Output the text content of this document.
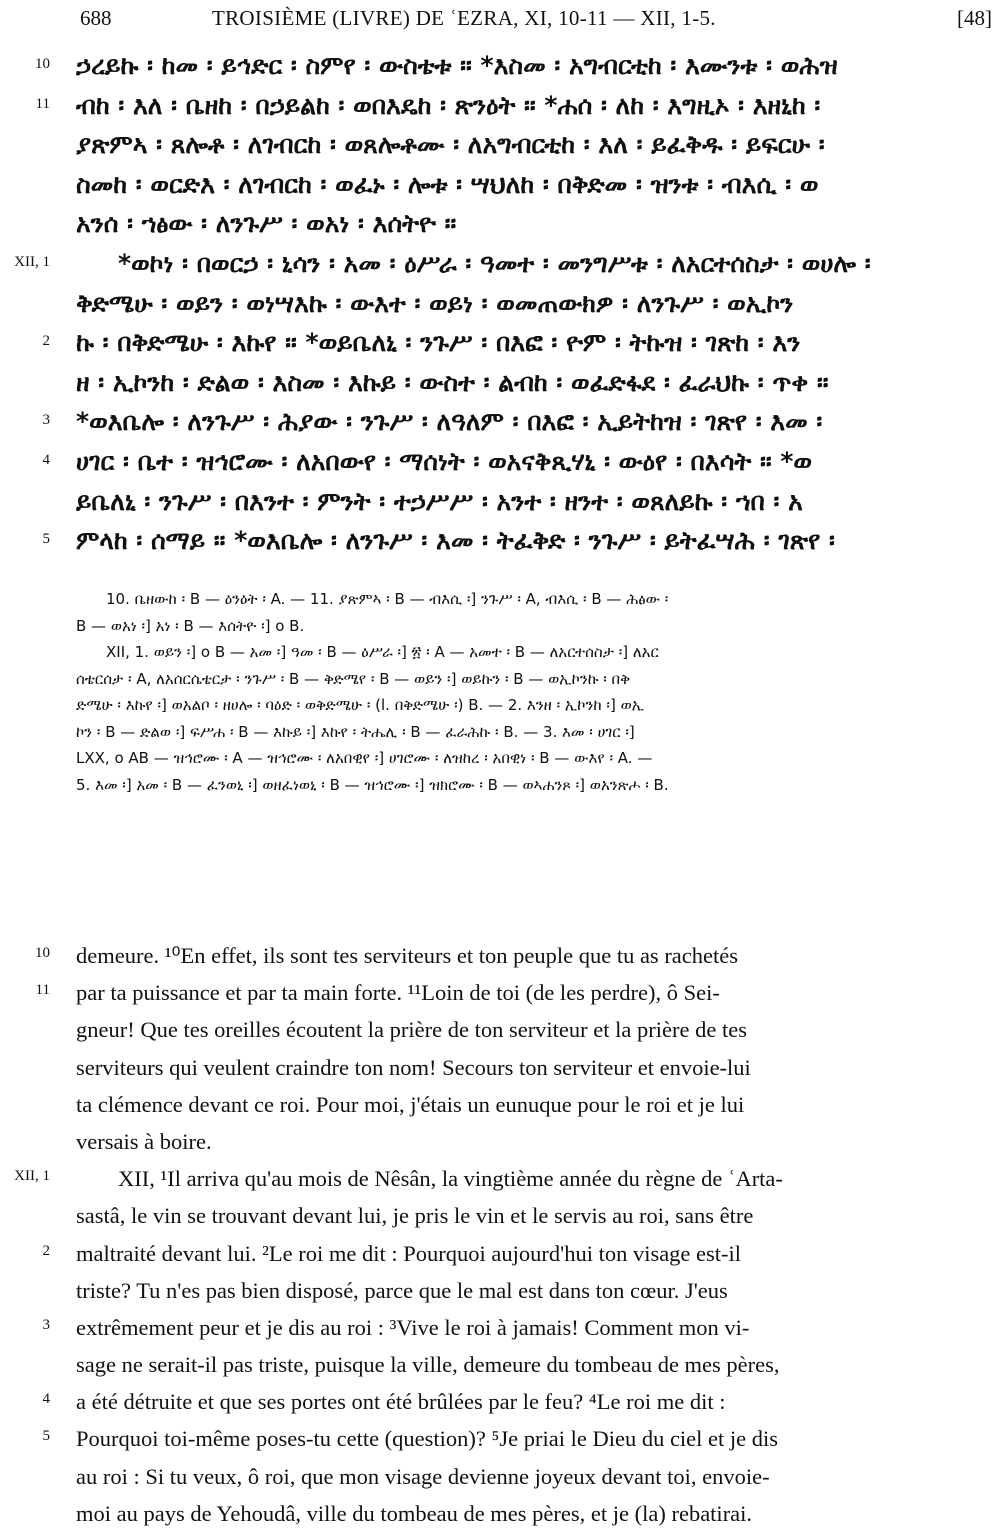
688	TROISIÈME (LIVRE) DE ʿEZRA, XI, 10-11 — XII, 1-5.	[48]
10 ኃረይኩ ፡ ከመ ፡ ይኅድር ፡ ስምየ ፡ ውስቴቱ ። *እስመ ፡ አግብርቲከ ፡ እሙንቱ ፡ ወሕዝ
11 ብከ ፡ እለ ፡ ቤዘከ ፡ በኃይልከ ፡ ወበእዴከ ፡ ጽንዕት ። *ሐሰ ፡ ለከ ፡ እግዚኦ ፡ እዘኒከ ፡
ያጽምኣ ፡ ጸሎቶ ፡ ለገብርከ ፡ ወጸሎቶሙ ፡ ለአግብርቲከ ፡ እለ ፡ ይፈቅዱ ፡ ይፍርሁ ፡
ስመከ ፡ ወርድእ ፡ ለገብርከ ፡ ወፈኑ ፡ ሎቱ ፡ ሣህለከ ፡ በቅድመ ፡ ዝንቱ ፡ ብእሲ ፡ ወ
አንሰ ፡ ኀፅው ፡ ለንጉሥ ፡ ወአነ ፡ እሰትዮ ።
XII, 1	*ወኮነ ፡ በወርኃ ፡ ኒሳን ፡ አመ ፡ ዕሥራ ፡ ዓመተ ፡ መንግሥቱ ፡ ለአርተሰስታ ፡ ወሀሎ ፡
ቅድሜሁ ፡ ወይን ፡ ወነሣእኩ ፡ ውእተ ፡ ወይነ ፡ ወመጠውክዎ ፡ ለንጉሥ ፡ ወኢኮን
2 ኩ ፡ በቅድሜሁ ፡ እኩየ ። *ወይቤለኒ ፡ ንጉሥ ፡ በእፎ ፡ ዮም ፡ ትኩዝ ፡ ገጽከ ፡ እን
ዘ ፡ ኢኮንከ ፡ ድልወ ፡ እስመ ፡ እኩይ ፡ ውስተ ፡ ልብከ ፡ ወፈድፋደ ፡ ፈራህኩ ፡ ጥቀ ።
3 *ወእቤሎ ፡ ለንጉሥ ፡ ሕያው ፡ ንጉሥ ፡ ለዓለም ፡ በእፎ ፡ ኢይትከዝ ፡ ገጽየ ፡ እመ ፡
4 ሀገር ፡ ቤተ ፡ ዝኅሮሙ ፡ ለአበውየ ፡ ማሰነት ፡ ወአናቅጺሃኒ ፡ ውዕየ ፡ በእሳት ። *ወ
ይቤለኒ ፡ ንጉሥ ፡ በእንተ ፡ ምንት ፡ ተኃሥሥ ፡ አንተ ፡ ዘንተ ፡ ወጸለይኩ ፡ ኀበ ፡ አ
5 ምላከ ፡ ሰማይ ። *ወእቤሎ ፡ ለንጉሥ ፡ እመ ፡ ትፈቅድ ፡ ንጉሥ ፡ ይትፈሣሕ ፡ ገጽየ ፡
10. ቤዘውከ ፡ B — ዕንዕት ፡ A. — 11. ያጽምኣ ፡ B — ብእሲ ፡] ንጉሥ ፡ A, ብእሲ ፡ B — ሕፅው ፡
B — ወአነ ፡] አነ ፡ B — እሰትዮ ፡] o B.
XII, 1. ወይን ፡] o B — አመ ፡] ዓመ ፡ B — ዕሥራ ፡] ፳ ፡ A — አመተ ፡ B — ለአርተሰስታ ፡] ለአር
ሰቴርሰታ ፡ A, ለአሰርሴቴርታ ፡ ንጉሥ ፡ B — ቅድሜየ ፡ B — ወይን ፡] ወይኩን ፡ B — ወኢኮንኩ ፡ በቅ
ድሜሁ ፡ እኩየ ፡] ወአልቦ ፡ ዘሀሎ ፡ ባዕድ ፡ ወቅድሜሁ ፡ (l. በቅድሜሁ ፡) B. — 2. እንዘ ፡ ኢኮንከ ፡] ወኢ
ኮን ፡ B — ድልወ ፡] ፍሥሐ ፡ B — እኩይ ፡] እኩየ ፡ ትሔሊ ፡ B — ፈራሕኩ ፡ B. — 3. እመ ፡ ሀገር ፡]
LXX, o AB — ዝኅሮሙ ፡ A — ዝኅሮሙ ፡ ለአበዊየ ፡] ሀገሮሙ ፡ ለዝከረ ፡ አበዊነ ፡ B — ውእየ ፡ A. —
5. እመ ፡] አመ ፡ B — ፈንወኒ ፡] ወዘፈነወኒ ፡ B — ዝኅሮሙ ፡] ዝክሮሙ ፡ B — ወኣሐንጾ ፡] ወአንጽሖ ፡ B.
10 demeure. ¹⁰En effet, ils sont tes serviteurs et ton peuple que tu as rachetés
11 par ta puissance et par ta main forte. ¹¹Loin de toi (de les perdre), ô Sei-
gneur! Que tes oreilles écoutent la prière de ton serviteur et la prière de tes
serviteurs qui veulent craindre ton nom! Secours ton serviteur et envoie-lui
ta clémence devant ce roi. Pour moi, j'étais un eunuque pour le roi et je lui
versais à boire.
XII, 1	XII, ¹Il arriva qu'au mois de Nêsân, la vingtième année du règne de ʿArta-
sastâ, le vin se trouvant devant lui, je pris le vin et le servis au roi, sans être
2 maltraité devant lui. ²Le roi me dit : Pourquoi aujourd'hui ton visage est-il
triste? Tu n'es pas bien disposé, parce que le mal est dans ton cœur. J'eus
3 extrêmement peur et je dis au roi : ³Vive le roi à jamais! Comment mon vi-
sage ne serait-il pas triste, puisque la ville, demeure du tombeau de mes pères,
4 a été détruite et que ses portes ont été brûlées par le feu? ⁴Le roi me dit :
5 Pourquoi toi-même poses-tu cette (question)? ⁵Je priai le Dieu du ciel et je dis
au roi : Si tu veux, ô roi, que mon visage devienne joyeux devant toi, envoie-
moi au pays de Yehoudâ, ville du tombeau de mes pères, et je (la) rebatirai.
